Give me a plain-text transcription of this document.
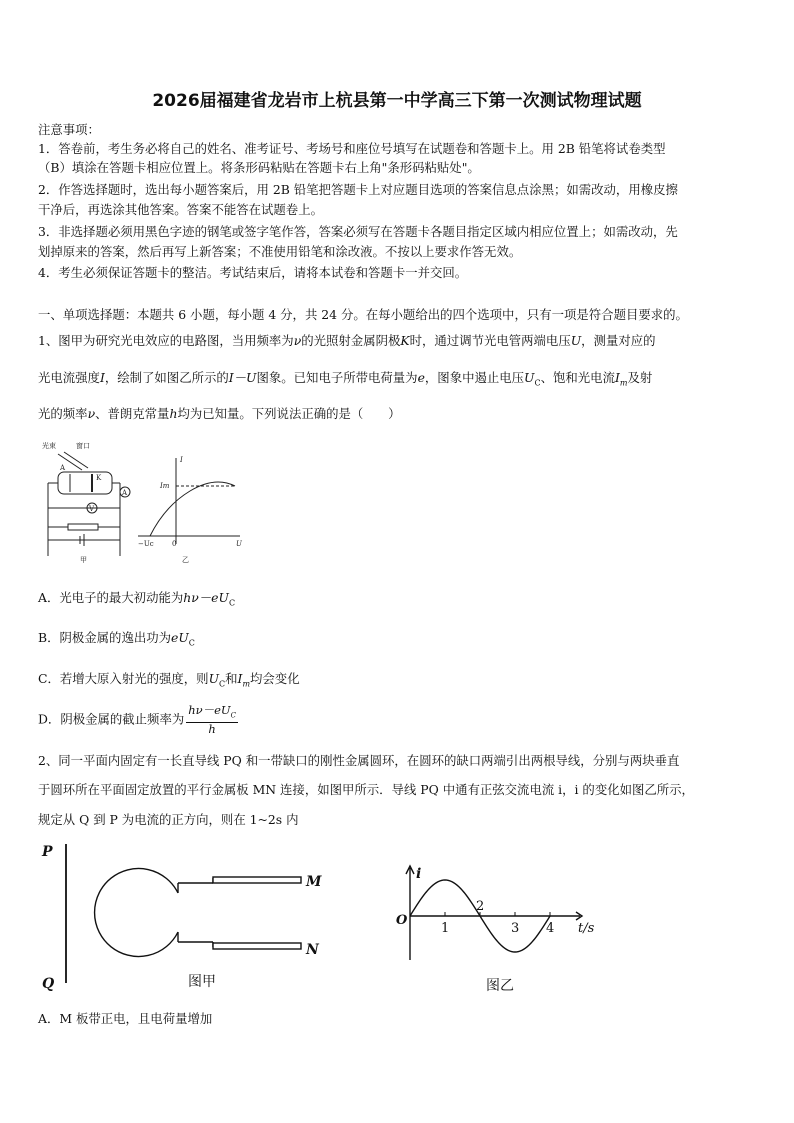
2026届福建省龙岩市上杭县第一中学高三下第一次测试物理试题
注意事项：
1．答卷前，考生务必将自己的姓名、准考证号、考场号和座位号填写在试题卷和答题卡上。用 2B 铅笔将试卷类型
（B）填涂在答题卡相应位置上。将条形码粘贴在答题卡右上角"条形码粘贴处"。
2．作答选择题时，选出每小题答案后，用 2B 铅笔把答题卡上对应题目选项的答案信息点涂黑；如需改动，用橡皮擦
干净后，再选涂其他答案。答案不能答在试题卷上。
3．非选择题必须用黑色字迹的钢笔或签字笔作答，答案必须写在答题卡各题目指定区域内相应位置上；如需改动，先
划掉原来的答案，然后再写上新答案；不准使用铅笔和涂改液。不按以上要求作答无效。
4．考生必须保证答题卡的整洁。考试结束后，请将本试卷和答题卡一并交回。
一、单项选择题：本题共 6 小题，每小题 4 分，共 24 分。在每小题给出的四个选项中，只有一项是符合题目要求的。
1、图甲为研究光电效应的电路图，当用频率为ν的光照射金属阴极K时，通过调节光电管两端电压U，测量对应的
光电流强度I，绘制了如图乙所示的I－U图象。已知电子所带电荷量为e，图象中遏止电压$U_C$、饱和光电流$I_m$及射
光的频率ν、普朗克常量h均为已知量。下列说法正确的是（　　）
光束	窗口
A
K
A
V
甲	乙
I
U
Im
−Uc	0
A．光电子的最大初动能为$h\nu-eU_C$
B．阴极金属的逸出功为$eU_C$
C．若增大原入射光的强度，则$U_C$和$I_m$均会变化
D．阴极金属的截止频率为 $\frac{h\nu-eU_C}{h}$
2、同一平面内固定有一长直导线 PQ 和一带缺口的刚性金属圆环，在圆环的缺口两端引出两根导线，分别与两块垂直
于圆环所在平面固定放置的平行金属板 MN 连接，如图甲所示．导线 PQ 中通有正弦交流电流 i，i 的变化如图乙所示，
规定从 Q 到 P 为电流的正方向，则在 1~2s 内
P
Q
M
N
图甲
1
2
3 4
i
t/s
O
图乙
A．M 板带正电，且电荷量增加
